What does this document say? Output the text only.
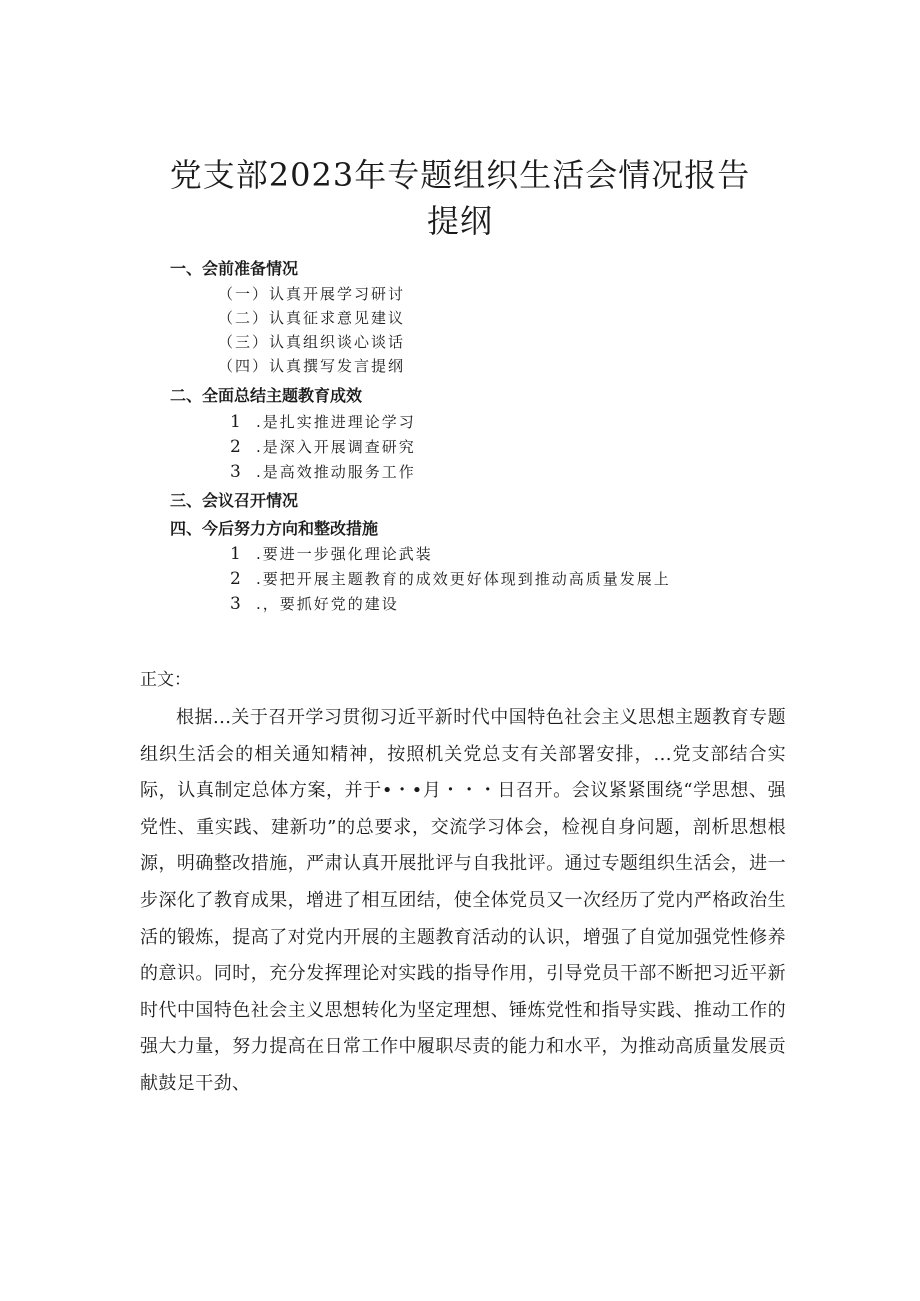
党支部2023年专题组织生活会情况报告
提纲
一、会前准备情况
（一）认真开展学习研讨
（二）认真征求意见建议
（三）认真组织谈心谈话
（四）认真撰写发言提纲
二、全面总结主题教育成效
1 .是扎实推进理论学习
2 .是深入开展调查研究
3 .是高效推动服务工作
三、会议召开情况
四、今后努力方向和整改措施
1 .要进一步强化理论武装
2 .要把开展主题教育的成效更好体现到推动高质量发展上
3 .，要抓好党的建设
正文：
根据...关于召开学习贯彻习近平新时代中国特色社会主义思想主题教育专题组织生活会的相关通知精神，按照机关党总支有关部署安排，...党支部结合实际，认真制定总体方案，并于•・•月・・・日召开。会议紧紧围绕“学思想、强党性、重实践、建新功”的总要求，交流学习体会，检视自身问题，剖析思想根源，明确整改措施，严肃认真开展批评与自我批评。通过专题组织生活会，进一步深化了教育成果，增进了相互团结，使全体党员又一次经历了党内严格政治生活的锻炼，提高了对党内开展的主题教育活动的认识，增强了自觉加强党性修养的意识。同时，充分发挥理论对实践的指导作用，引导党员干部不断把习近平新时代中国特色社会主义思想转化为坚定理想、锤炼党性和指导实践、推动工作的强大力量，努力提高在日常工作中履职尽责的能力和水平，为推动高质量发展贡献鼓足干劲、
